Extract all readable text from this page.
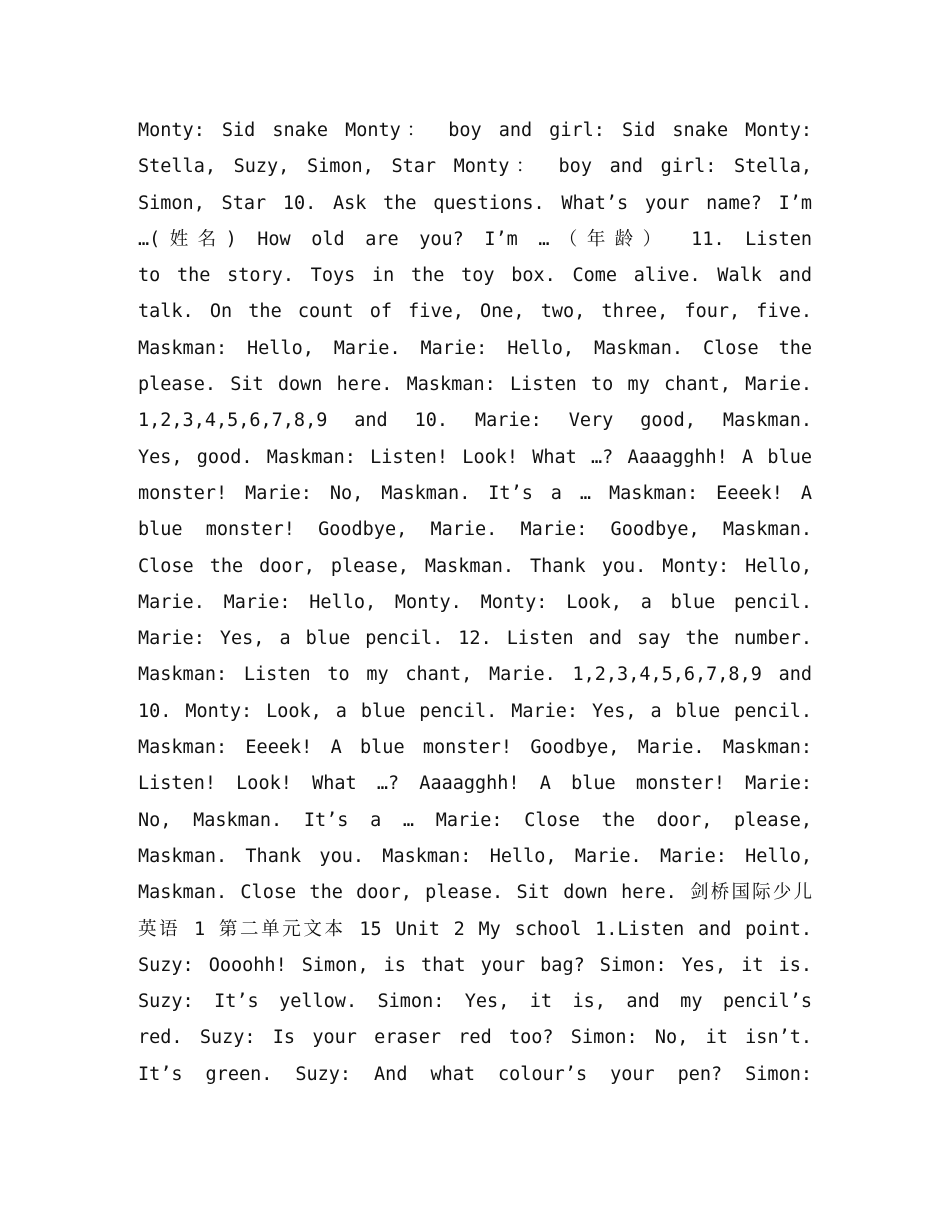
Monty: Sid snake Monty： boy and girl: Sid snake Monty:
Stella, Suzy, Simon, Star Monty： boy and girl: Stella,
Simon, Star 10. Ask the questions. What’s your name? I’m
…(姓名) How old are you? I’m …（年龄） 11. Listen
to the story. Toys in the toy box. Come alive. Walk and
talk. On the count of five, One, two, three, four, five.
Maskman: Hello, Marie. Marie: Hello, Maskman. Close the
please. Sit down here. Maskman: Listen to my chant, Marie.
1,2,3,4,5,6,7,8,9 and 10. Marie: Very good, Maskman.
Yes, good. Maskman: Listen! Look! What …? Aaaagghh! A blue
monster! Marie: No, Maskman. It’s a … Maskman: Eeeek! A
blue monster! Goodbye, Marie. Marie: Goodbye, Maskman.
Close the door, please, Maskman. Thank you. Monty: Hello,
Marie. Marie: Hello, Monty. Monty: Look, a blue pencil.
Marie: Yes, a blue pencil. 12. Listen and say the number.
Maskman: Listen to my chant, Marie. 1,2,3,4,5,6,7,8,9 and
10. Monty: Look, a blue pencil. Marie: Yes, a blue pencil.
Maskman: Eeeek! A blue monster! Goodbye, Marie. Maskman:
Listen! Look! What …? Aaaagghh! A blue monster! Marie:
No, Maskman. It’s a … Marie: Close the door, please,
Maskman. Thank you. Maskman: Hello, Marie. Marie: Hello,
Maskman. Close the door, please. Sit down here. 剑桥国际少儿
英语 1 第二单元文本 15 Unit 2 My school 1.Listen and point.
Suzy: Oooohh! Simon, is that your bag? Simon: Yes, it is.
Suzy: It’s yellow. Simon: Yes, it is, and my pencil’s
red. Suzy: Is your eraser red too? Simon: No, it isn’t.
It’s green. Suzy: And what colour’s your pen? Simon:
